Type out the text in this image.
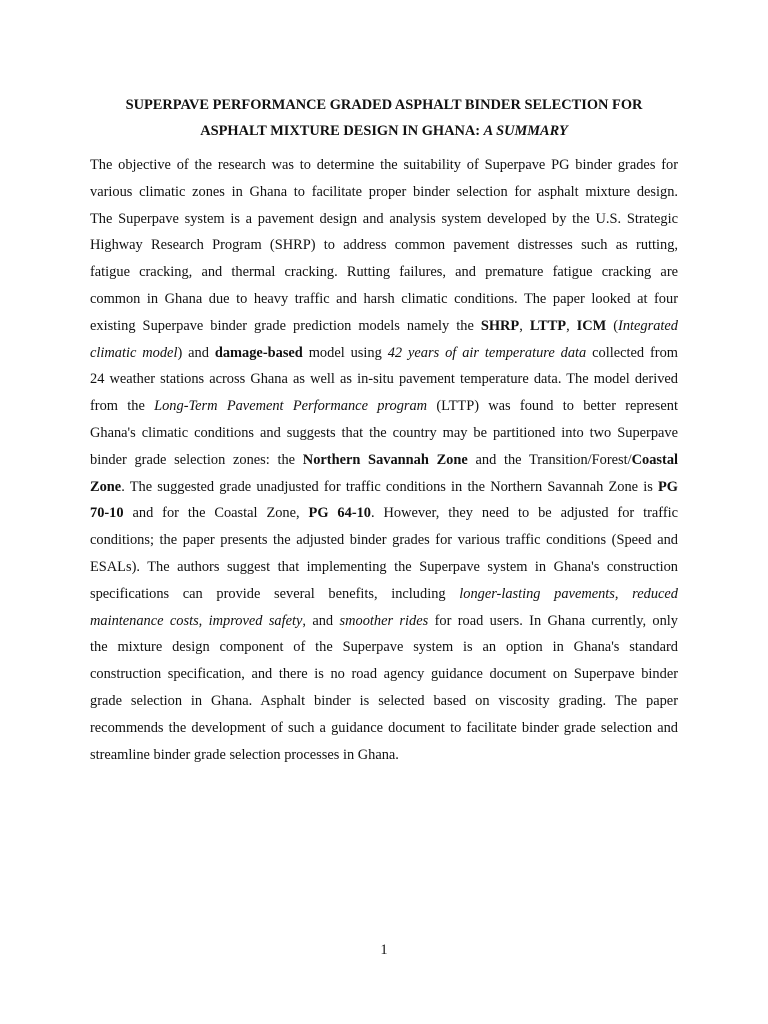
SUPERPAVE PERFORMANCE GRADED ASPHALT BINDER SELECTION FOR
ASPHALT MIXTURE DESIGN IN GHANA: A SUMMARY
The objective of the research was to determine the suitability of Superpave PG binder grades for
various climatic zones in Ghana to facilitate proper binder selection for asphalt mixture design.
The Superpave system is a pavement design and analysis system developed by the U.S. Strategic
Highway Research Program (SHRP) to address common pavement distresses such as rutting,
fatigue cracking, and thermal cracking. Rutting failures, and premature fatigue cracking are
common in Ghana due to heavy traffic and harsh climatic conditions. The paper looked at four
existing Superpave binder grade prediction models namely the SHRP, LTTP, ICM (Integrated
climatic model) and damage-based model using 42 years of air temperature data collected from
24 weather stations across Ghana as well as in-situ pavement temperature data. The model derived
from the Long-Term Pavement Performance program (LTTP) was found to better represent
Ghana's climatic conditions and suggests that the country may be partitioned into two Superpave
binder grade selection zones: the Northern Savannah Zone and the Transition/Forest/Coastal
Zone. The suggested grade unadjusted for traffic conditions in the Northern Savannah Zone is PG
70-10 and for the Coastal Zone, PG 64-10. However, they need to be adjusted for traffic
conditions; the paper presents the adjusted binder grades for various traffic conditions (Speed and
ESALs). The authors suggest that implementing the Superpave system in Ghana's construction
specifications can provide several benefits, including longer-lasting pavements, reduced
maintenance costs, improved safety, and smoother rides for road users. In Ghana currently, only
the mixture design component of the Superpave system is an option in Ghana's standard
construction specification, and there is no road agency guidance document on Superpave binder
grade selection in Ghana. Asphalt binder is selected based on viscosity grading. The paper
recommends the development of such a guidance document to facilitate binder grade selection and
streamline binder grade selection processes in Ghana.
1
